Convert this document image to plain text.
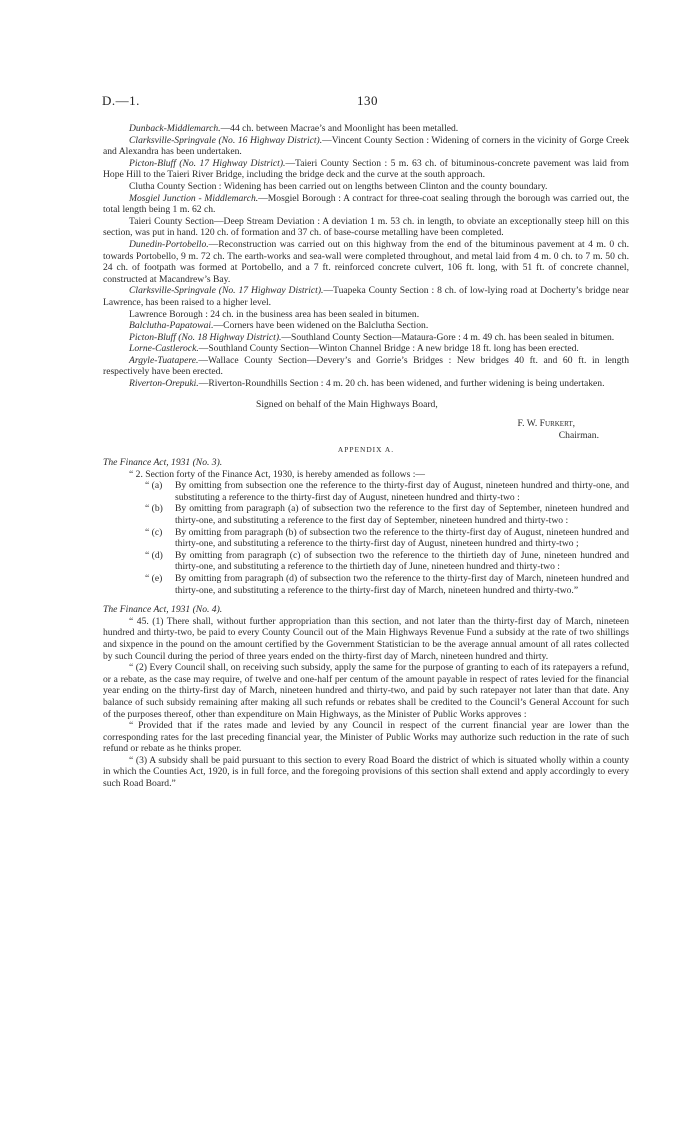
D.—1.	130

Dunback-Middlemarch.—44 ch. between Macrae’s and Moonlight has been metalled.

Clarksville-Springvale (No. 16 Highway District).—Vincent County Section : Widening of corners in the vicinity of Gorge Creek and Alexandra has been undertaken.

Picton-Bluff (No. 17 Highway District).—Taieri County Section : 5 m. 63 ch. of bituminous-concrete pavement was laid from Hope Hill to the Taieri River Bridge, including the bridge deck and the curve at the south approach.

Clutha County Section : Widening has been carried out on lengths between Clinton and the county boundary.

Mosgiel Junction - Middlemarch.—Mosgiel Borough : A contract for three-coat sealing through the borough was carried out, the total length being 1 m. 62 ch.

Taieri County Section—Deep Stream Deviation : A deviation 1 m. 53 ch. in length, to obviate an exceptionally steep hill on this section, was put in hand. 120 ch. of formation and 37 ch. of base-course metalling have been completed.

Dunedin-Portobello.—Reconstruction was carried out on this highway from the end of the bituminous pavement at 4 m. 0 ch. towards Portobello, 9 m. 72 ch. The earth-works and sea-wall were completed throughout, and metal laid from 4 m. 0 ch. to 7 m. 50 ch. 24 ch. of footpath was formed at Portobello, and a 7 ft. reinforced concrete culvert, 106 ft. long, with 51 ft. of concrete channel, constructed at Macandrew’s Bay.

Clarksville-Springvale (No. 17 Highway District).—Tuapeka County Section : 8 ch. of low-lying road at Docherty’s bridge near Lawrence, has been raised to a higher level.

Lawrence Borough : 24 ch. in the business area has been sealed in bitumen.

Balclutha-Papatowai.—Corners have been widened on the Balclutha Section.

Picton-Bluff (No. 18 Highway District).—Southland County Section—Mataura-Gore : 4 m. 49 ch. has been sealed in bitumen.

Lorne-Castlerock.—Southland County Section—Winton Channel Bridge : A new bridge 18 ft. long has been erected.

Argyle-Tuatapere.—Wallace County Section—Devery’s and Gorrie’s Bridges : New bridges 40 ft. and 60 ft. in length respectively have been erected.

Riverton-Orepuki.—Riverton-Roundhills Section : 4 m. 20 ch. has been widened, and further widening is being undertaken.

Signed on behalf of the Main Highways Board,

F. W. Furkert,

Chairman.

APPENDIX A.

The Finance Act, 1931 (No. 3).

“ 2. Section forty of the Finance Act, 1930, is hereby amended as follows :—

“ (a) By omitting from subsection one the reference to the thirty-first day of August, nineteen hundred and thirty-one, and substituting a reference to the thirty-first day of August, nineteen hundred and thirty-two :

“ (b) By omitting from paragraph (a) of subsection two the reference to the first day of September, nineteen hundred and thirty-one, and substituting a reference to the first day of September, nineteen hundred and thirty-two :

“ (c) By omitting from paragraph (b) of subsection two the reference to the thirty-first day of August, nineteen hundred and thirty-one, and substituting a reference to the thirty-first day of August, nineteen hundred and thirty-two ;

“ (d) By omitting from paragraph (c) of subsection two the reference to the thirtieth day of June, nineteen hundred and thirty-one, and substituting a reference to the thirtieth day of June, nineteen hundred and thirty-two :

“ (e) By omitting from paragraph (d) of subsection two the reference to the thirty-first day of March, nineteen hundred and thirty-one, and substituting a reference to the thirty-first day of March, nineteen hundred and thirty-two.”

The Finance Act, 1931 (No. 4).

“ 45. (1) There shall, without further appropriation than this section, and not later than the thirty-first day of March, nineteen hundred and thirty-two, be paid to every County Council out of the Main Highways Revenue Fund a subsidy at the rate of two shillings and sixpence in the pound on the amount certified by the Government Statistician to be the average annual amount of all rates collected by such Council during the period of three years ended on the thirty-first day of March, nineteen hundred and thirty.

“ (2) Every Council shall, on receiving such subsidy, apply the same for the purpose of granting to each of its ratepayers a refund, or a rebate, as the case may require, of twelve and one-half per centum of the amount payable in respect of rates levied for the financial year ending on the thirty-first day of March, nineteen hundred and thirty-two, and paid by such ratepayer not later than that date. Any balance of such subsidy remaining after making all such refunds or rebates shall be credited to the Council’s General Account for such of the purposes thereof, other than expenditure on Main Highways, as the Minister of Public Works approves :

“ Provided that if the rates made and levied by any Council in respect of the current financial year are lower than the corresponding rates for the last preceding financial year, the Minister of Public Works may authorize such reduction in the rate of such refund or rebate as he thinks proper.

“ (3) A subsidy shall be paid pursuant to this section to every Road Board the district of which is situated wholly within a county in which the Counties Act, 1920, is in full force, and the foregoing provisions of this section shall extend and apply accordingly to every such Road Board.”
